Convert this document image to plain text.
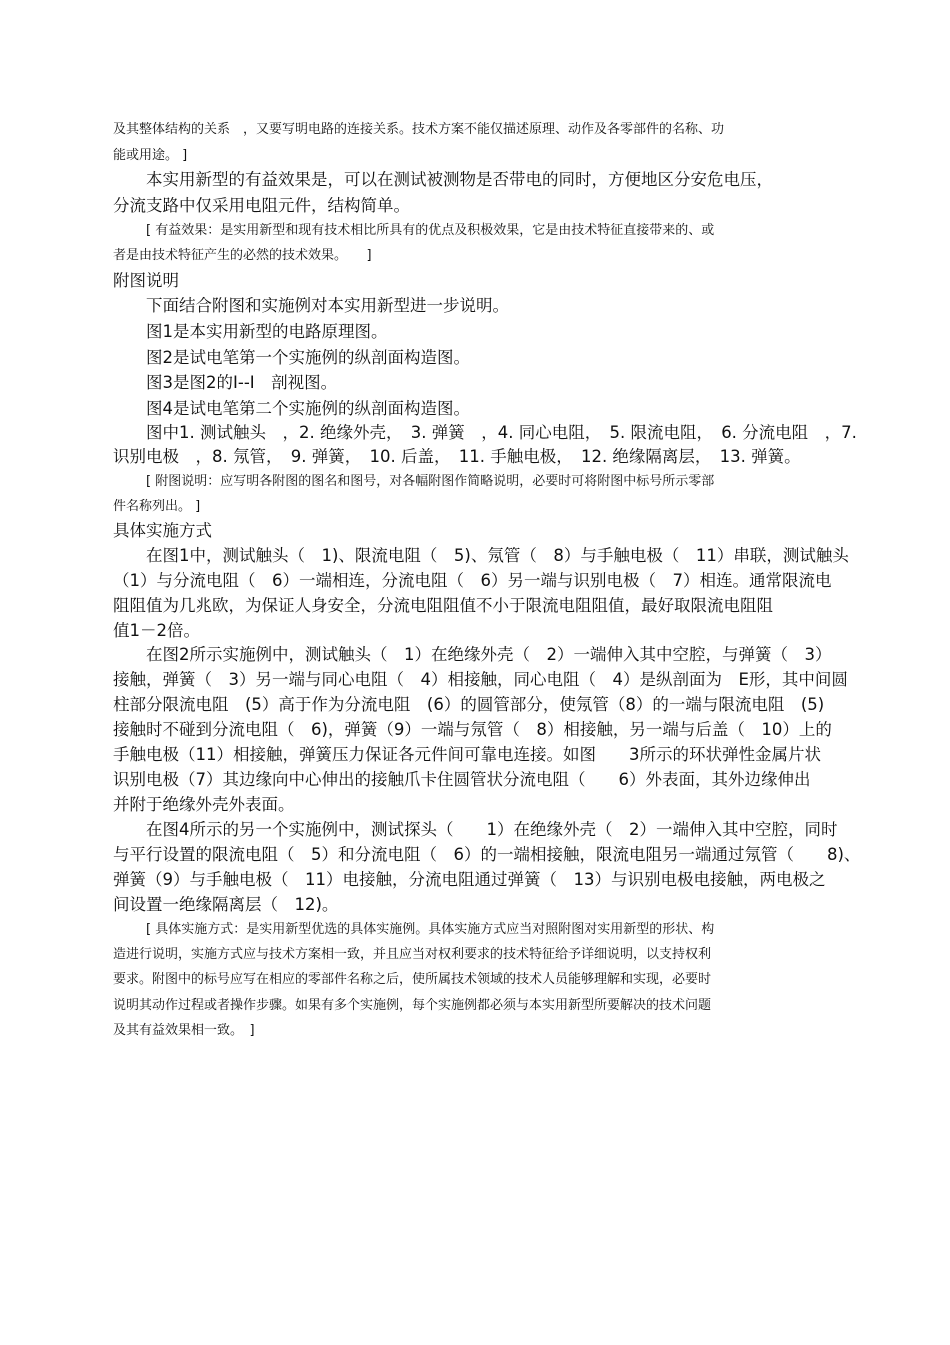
及其整体结构的关系　，又要写明电路的连接关系。技术方案不能仅描述原理、动作及各零部件的名称、功
能或用途。 ]
本实用新型的有益效果是，可以在测试被测物是否带电的同时，方便地区分安危电压，
分流支路中仅采用电阻元件，结构简单。
[ 有益效果：是实用新型和现有技术相比所具有的优点及积极效果，它是由技术特征直接带来的、或
者是由技术特征产生的必然的技术效果。　　]
附图说明
下面结合附图和实施例对本实用新型进一步说明。
图1是本实用新型的电路原理图。
图2是试电笔第一个实施例的纵剖面构造图。
图3是图2的I--I　剖视图。
图4是试电笔第二个实施例的纵剖面构造图。
图中1. 测试触头　，2. 绝缘外壳，　3. 弹簧　，4. 同心电阻，　5. 限流电阻，　6. 分流电阻　，7.
识别电极　，8. 氖管，　9. 弹簧，　10. 后盖，　11. 手触电极，　12. 绝缘隔离层，　13. 弹簧。
[ 附图说明：应写明各附图的图名和图号，对各幅附图作简略说明，必要时可将附图中标号所示零部
件名称列出。 ]
具体实施方式
在图1中，测试触头（　1)、限流电阻（　5)、氖管（　8）与手触电极（　11）串联，测试触头
（1）与分流电阻（　6）一端相连，分流电阻（　6）另一端与识别电极（　7）相连。通常限流电
阻阻值为几兆欧，为保证人身安全，分流电阻阻值不小于限流电阻阻值，最好取限流电阻阻
值1－2倍。
在图2所示实施例中，测试触头（　1）在绝缘外壳（　2）一端伸入其中空腔，与弹簧（　3）
接触，弹簧（　3）另一端与同心电阻（　4）相接触，同心电阻（　4）是纵剖面为　E形，其中间圆
柱部分限流电阻　(5）高于作为分流电阻　(6）的圆管部分，使氖管（8）的一端与限流电阻　(5)
接触时不碰到分流电阻（　6)，弹簧（9）一端与氖管（　8）相接触，另一端与后盖（　10）上的
手触电极（11）相接触，弹簧压力保证各元件间可靠电连接。如图　　3所示的环状弹性金属片状
识别电极（7）其边缘向中心伸出的接触爪卡住圆管状分流电阻（　　6）外表面，其外边缘伸出
并附于绝缘外壳外表面。
在图4所示的另一个实施例中，测试探头（　　1）在绝缘外壳（　2）一端伸入其中空腔，同时
与平行设置的限流电阻（　5）和分流电阻（　6）的一端相接触，限流电阻另一端通过氖管（　　8)、
弹簧（9）与手触电极（　11）电接触，分流电阻通过弹簧（　13）与识别电极电接触，两电极之
间设置一绝缘隔离层（　12)。
[ 具体实施方式：是实用新型优选的具体实施例。具体实施方式应当对照附图对实用新型的形状、构
造进行说明，实施方式应与技术方案相一致，并且应当对权利要求的技术特征给予详细说明，以支持权利
要求。附图中的标号应写在相应的零部件名称之后，使所属技术领域的技术人员能够理解和实现，必要时
说明其动作过程或者操作步骤。如果有多个实施例，每个实施例都必须与本实用新型所要解决的技术问题
及其有益效果相一致。　]
